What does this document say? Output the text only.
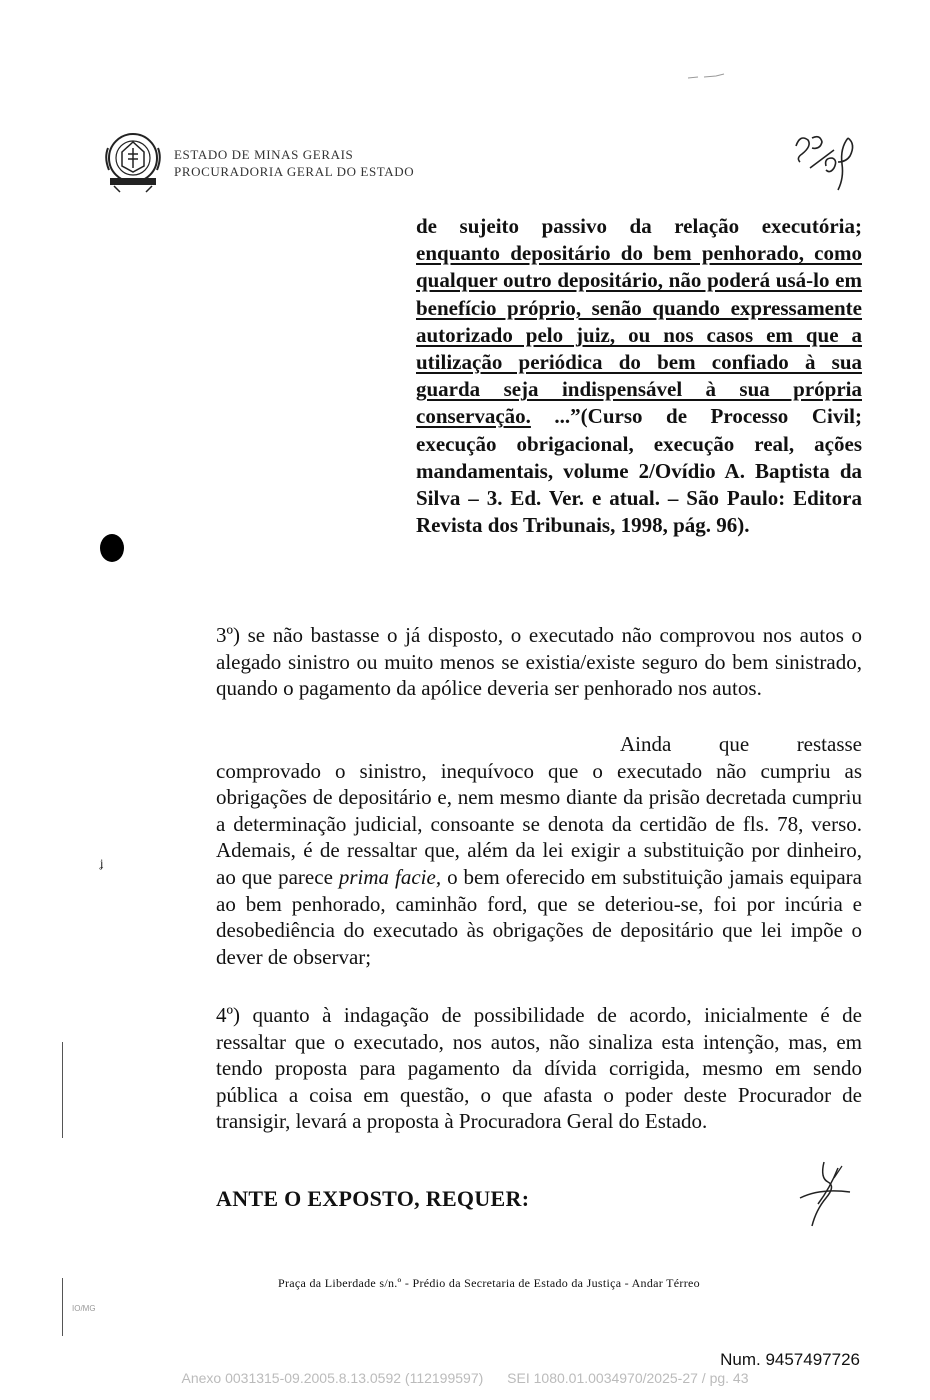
ESTADO DE MINAS GERAIS
PROCURADORIA GERAL DO ESTADO

de sujeito passivo da relação executória; enquanto depositário do bem penhorado, como qualquer outro depositário, não poderá usá-lo em benefício próprio, senão quando expressamente autorizado pelo juiz, ou nos casos em que a utilização periódica do bem confiado à sua guarda seja indispensável à sua própria conservação. ...”(Curso de Processo Civil; execução obrigacional, execução real, ações mandamentais, volume 2/Ovídio A. Baptista da Silva – 3. Ed. Ver. e atual. – São Paulo: Editora Revista dos Tribunais, 1998, pág. 96).

ʝ

3º) se não bastasse o já disposto, o executado não comprovou nos autos o alegado sinistro ou muito menos se existia/existe seguro do bem sinistrado, quando o pagamento da apólice deveria ser penhorado nos autos.

Ainda que restasse comprovado o sinistro, inequívoco que o executado não cumpriu as obrigações de depositário e, nem mesmo diante da prisão decretada cumpriu a determinação judicial, consoante se denota da certidão de fls. 78, verso. Ademais, é de ressaltar que, além da lei exigir a substituição por dinheiro, ao que parece prima facie, o bem oferecido em substituição jamais equipara ao bem penhorado, caminhão ford, que se deteriou-se, foi por incúria e desobediência do executado às obrigações de depositário que lei impõe o dever de observar;

4º) quanto à indagação de possibilidade de acordo, inicialmente é de ressaltar que o executado, nos autos, não sinaliza esta intenção, mas, em tendo proposta para pagamento da dívida corrigida, mesmo em sendo pública a coisa em questão, o que afasta o poder deste Procurador de transigir, levará a proposta à Procuradora Geral do Estado.

ANTE O EXPOSTO, REQUER:
Praça da Liberdade s/n.º - Prédio da Secretaria de Estado da Justiça - Andar Térreo
IO/MG
Num. 9457497726
Anexo 0031315-09.2005.8.13.0592 (112199597) SEI 1080.01.0034970/2025-27 / pg. 43
